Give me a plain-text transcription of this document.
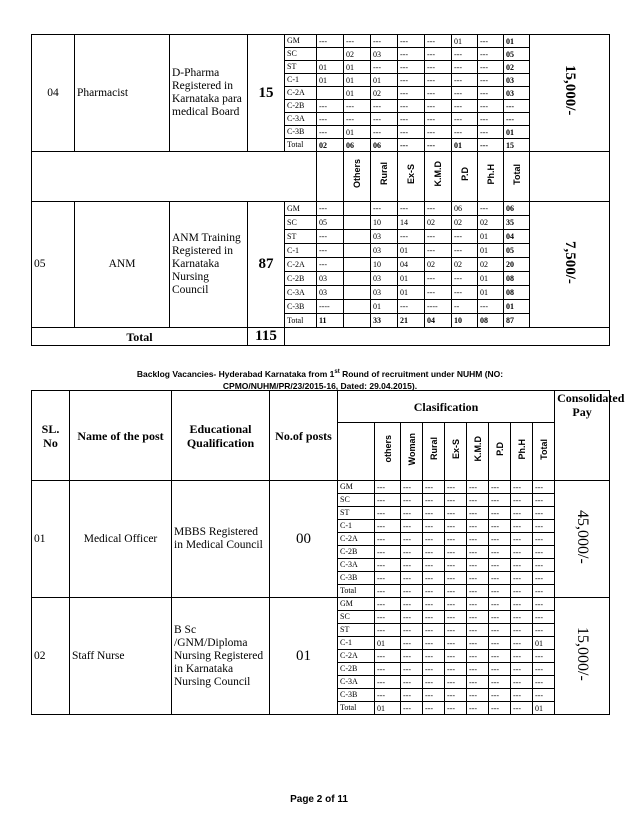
04	Pharmacist	D-Pharma Registered in Karnataka para medical Board	15	GM	---	---	---	---	---	01	---	01	15,000/-
				SC		02	03	---	---	---	---	05	
				ST	01	01	---	---	---	---	---	02	
				C-1	01	01	01	---	---	---	---	03	
				C-2A		01	02	---	---	---	---	03	
				C-2B	---	---	---	---	---	---	---	---	
				C-3A	---	---	---	---	---	---	---	---	
				C-3B	---	01	---	---	---	---	---	01	
				Total	02	06	06	---	---	01	---	15	
						Others	Rural	Ex-S	K.M.D	P.D	Ph.H	Total	
05	ANM	ANM Training Registered in Karnataka Nursing Council	87	GM	---		---	---	---	06	---	06	7,500/-
				SC	05		10	14	02	02	02	35	
				ST	---		03	---	---	---	01	04	
				C-1	---		03	01	---	---	01	05	
				C-2A	---		10	04	02	02	02	20	
				C-2B	03		03	01	---	---	01	08	
				C-3A	03		03	01	---	---	01	08	
				C-3B	----		01	---	----	--	---	01	
				Total	11		33	21	04	10	08	87	
Total			115										
Backlog Vacancies- Hyderabad Karnataka from 1st Round of recruitment under NUHM (NO:
CPMO/NUHM/PR/23/2015-16, Dated: 29.04.2015).
SL. No	Name of the post	Educational Qualification	No.of posts	Clasification									Consolidated Pay
					others	Woman	Rural	Ex-S	K.M.D	P.D	Ph.H	Total	
01	Medical Officer	MBBS Registered in Medical Council	00	GM	---	---	---	---	---	---	---	---	45,000/-
				SC	---	---	---	---	---	---	---	---	
				ST	---	---	---	---	---	---	---	---	
				C-1	---	---	---	---	---	---	---	---	
				C-2A	---	---	---	---	---	---	---	---	
				C-2B	---	---	---	---	---	---	---	---	
				C-3A	---	---	---	---	---	---	---	---	
				C-3B	---	---	---	---	---	---	---	---	
				Total	---	---	---	---	---	---	---	---	
02	Staff Nurse	B Sc /GNM/Diploma Nursing Registered in Karnataka Nursing Council	01	GM	---	---	---	---	---	---	---	---	15,000/-
				SC	---	---	---	---	---	---	---	---	
				ST	---	---	---	---	---	---	---	---	
				C-1	01	---	---	---	---	---	---	01	
				C-2A	---	---	---	---	---	---	---	---	
				C-2B	---	---	---	---	---	---	---	---	
				C-3A	---	---	---	---	---	---	---	---	
				C-3B	---	---	---	---	---	---	---	---	
				Total	01	---	---	---	---	---	---	01	
Page 2 of 11
